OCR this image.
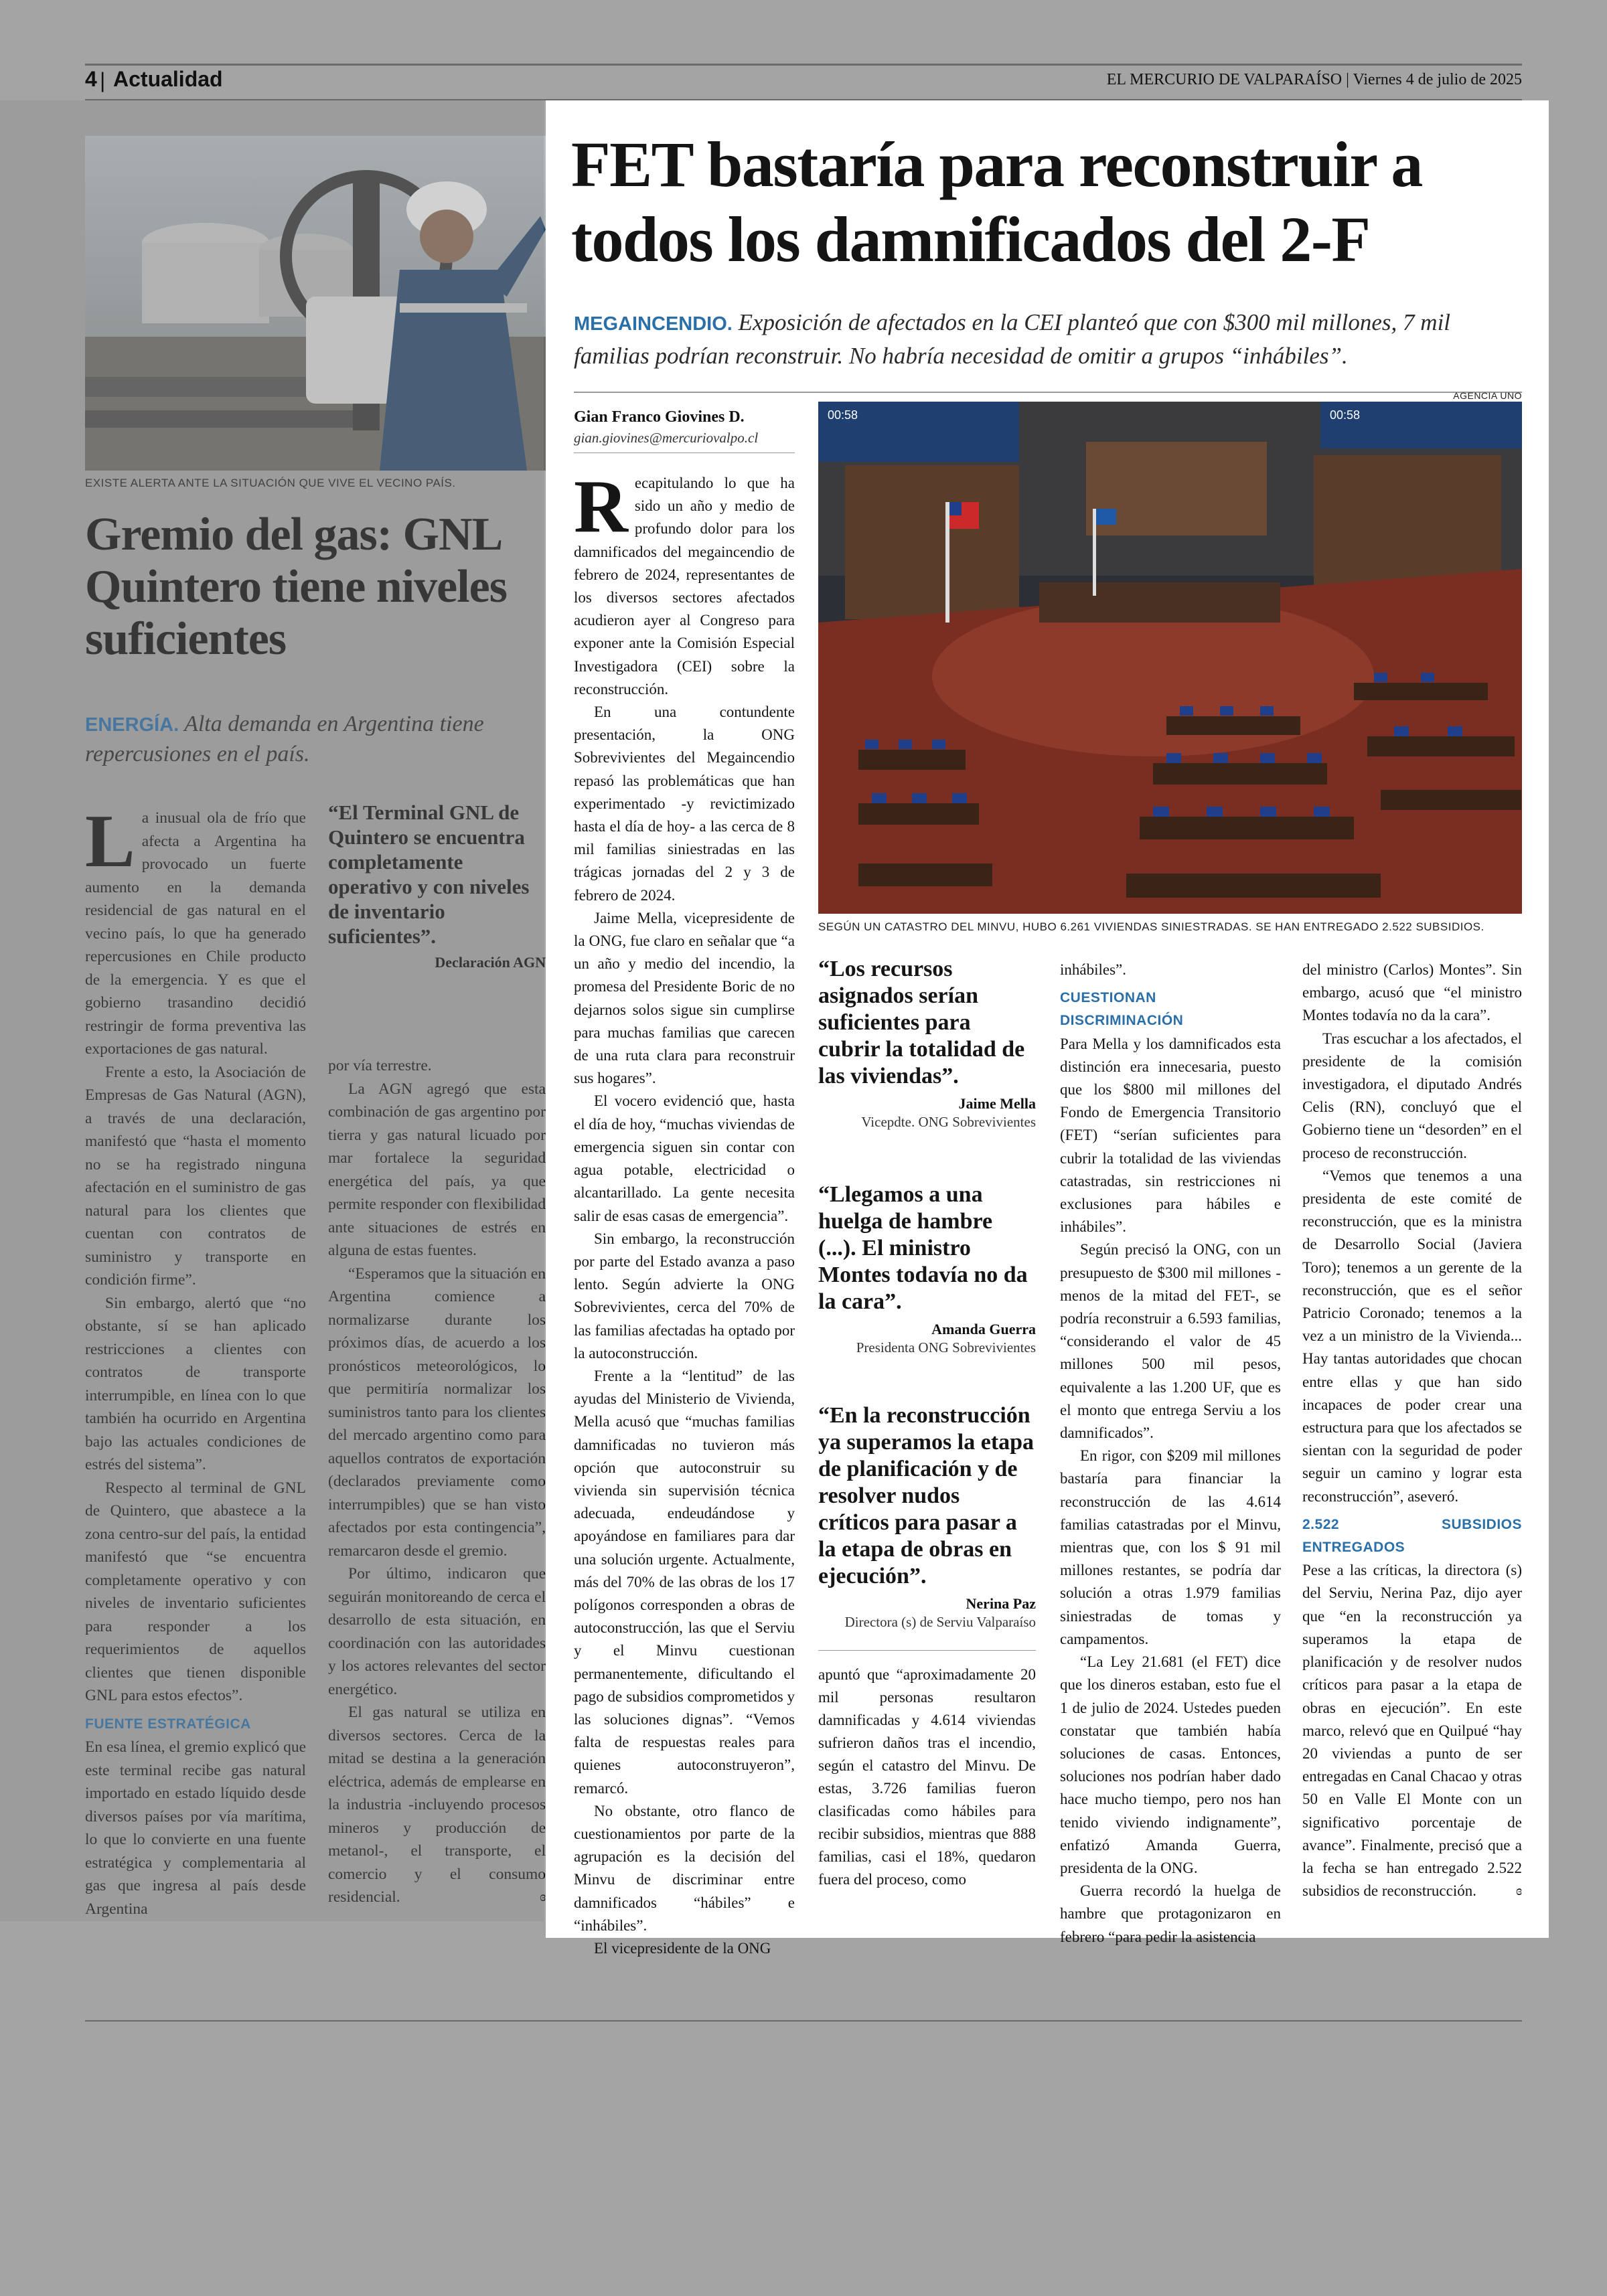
4 | Actualidad	EL MERCURIO DE VALPARAÍSO | Viernes 4 de julio de 2025
EXISTE ALERTA ANTE LA SITUACIÓN QUE VIVE EL VECINO PAÍS.
Gremio del gas: GNL Quintero tiene niveles suficientes
ENERGÍA. Alta demanda en Argentina tiene repercusiones en el país.

La inusual ola de frío que afecta a Argentina ha provocado un fuerte aumento en la demanda residencial de gas natural en el vecino país, lo que ha generado repercusiones en Chile producto de la emergencia. Y es que el gobierno trasandino decidió restringir de forma preventiva las exportaciones de gas natural.

Frente a esto, la Asociación de Empresas de Gas Natural (AGN), a través de una declaración, manifestó que “hasta el momento no se ha registrado ninguna afectación en el suministro de gas natural para los clientes que cuentan con contratos de suministro y transporte en condición firme”.

Sin embargo, alertó que “no obstante, sí se han aplicado restricciones a clientes con contratos de transporte interrumpible, en línea con lo que también ha ocurrido en Argentina bajo las actuales condiciones de estrés del sistema”.

Respecto al terminal de GNL de Quintero, que abastece a la zona centro-sur del país, la entidad manifestó que “se encuentra completamente operativo y con niveles de inventario suficientes para responder a los requerimientos de aquellos clientes que tienen disponible GNL para estos efectos”.

FUENTE ESTRATÉGICA

En esa línea, el gremio explicó que este terminal recibe gas natural importado en estado líquido desde diversos países por vía marítima, lo que lo convierte en una fuente estratégica y complementaria al gas que ingresa al país desde Argentina

“El Terminal GNL de Quintero se encuentra completamente operativo y con niveles de inventario suficientes”.
Declaración AGN

por vía terrestre.

La AGN agregó que esta combinación de gas argentino por tierra y gas natural licuado por mar fortalece la seguridad energética del país, ya que permite responder con flexibilidad ante situaciones de estrés en alguna de estas fuentes.

“Esperamos que la situación en Argentina comience a normalizarse durante los próximos días, de acuerdo a los pronósticos meteorológicos, lo que permitiría normalizar los suministros tanto para los clientes del mercado argentino como para aquellos contratos de exportación (declarados previamente como interrumpibles) que se han visto afectados por esta contingencia”, remarcaron desde el gremio.

Por último, indicaron que seguirán monitoreando de cerca el desarrollo de esta situación, en coordinación con las autoridades y los actores relevantes del sector energético.

El gas natural se utiliza en diversos sectores. Cerca de la mitad se destina a la generación eléctrica, además de emplearse en la industria -incluyendo procesos mineros y producción de metanol-, el transporte, el comercio y el consumo residencial.	ɞ

FET bastaría para reconstruir a todos los damnificados del 2-F
MEGAINCENDIO. Exposición de afectados en la CEI planteó que con $300 mil millones, 7 mil familias podrían reconstruir. No habría necesidad de omitir a grupos “inhábiles”.
Gian Franco Giovines D.
gian.giovines@mercuriovalpo.cl
AGENCIA UNO
00:58	00:58
SEGÚN UN CATASTRO DEL MINVU, HUBO 6.261 VIVIENDAS SINIESTRADAS. SE HAN ENTREGADO 2.522 SUBSIDIOS.

Recapitulando lo que ha sido un año y medio de profundo dolor para los damnificados del megaincendio de febrero de 2024, representantes de los diversos sectores afectados acudieron ayer al Congreso para exponer ante la Comisión Especial Investigadora (CEI) sobre la reconstrucción.

En una contundente presentación, la ONG Sobrevivientes del Megaincendio repasó las problemáticas que han experimentado -y revictimizado hasta el día de hoy- a las cerca de 8 mil familias siniestradas en las trágicas jornadas del 2 y 3 de febrero de 2024.

Jaime Mella, vicepresidente de la ONG, fue claro en señalar que “a un año y medio del incendio, la promesa del Presidente Boric de no dejarnos solos sigue sin cumplirse para muchas familias que carecen de una ruta clara para reconstruir sus hogares”.

El vocero evidenció que, hasta el día de hoy, “muchas viviendas de emergencia siguen sin contar con agua potable, electricidad o alcantarillado. La gente necesita salir de esas casas de emergencia”.

Sin embargo, la reconstrucción por parte del Estado avanza a paso lento. Según advierte la ONG Sobrevivientes, cerca del 70% de las familias afectadas ha optado por la autoconstrucción.

Frente a la “lentitud” de las ayudas del Ministerio de Vivienda, Mella acusó que “muchas familias damnificadas no tuvieron más opción que autoconstruir su vivienda sin supervisión técnica adecuada, endeudándose y apoyándose en familiares para dar una solución urgente. Actualmente, más del 70% de las obras de los 17 polígonos corresponden a obras de autoconstrucción, las que el Serviu y el Minvu cuestionan permanentemente, dificultando el pago de subsidios comprometidos y las soluciones dignas”. “Vemos falta de respuestas reales para quienes autoconstruyeron”, remarcó.

No obstante, otro flanco de cuestionamientos por parte de la agrupación es la decisión del Minvu de discriminar entre damnificados “hábiles” e “inhábiles”.

El vicepresidente de la ONG

“Los recursos asignados serían suficientes para cubrir la totalidad de las viviendas”.
Jaime Mella
Vicepdte. ONG Sobrevivientes
“Llegamos a una huelga de hambre (...). El ministro Montes todavía no da la cara”.
Amanda Guerra
Presidenta ONG Sobrevivientes
“En la reconstrucción ya superamos la etapa de planificación y de resolver nudos críticos para pasar a la etapa de obras en ejecución”.
Nerina Paz
Directora (s) de Serviu Valparaíso

apuntó que “aproximadamente 20 mil personas resultaron damnificadas y 4.614 viviendas sufrieron daños tras el incendio, según el catastro del Minvu. De estas, 3.726 familias fueron clasificadas como hábiles para recibir subsidios, mientras que 888 familias, casi el 18%, quedaron fuera del proceso, como

inhábiles”.

CUESTIONAN DISCRIMINACIÓN

Para Mella y los damnificados esta distinción era innecesaria, puesto que los $800 mil millones del Fondo de Emergencia Transitorio (FET) “serían suficientes para cubrir la totalidad de las viviendas catastradas, sin restricciones ni exclusiones para hábiles e inhábiles”.

Según precisó la ONG, con un presupuesto de $300 mil millones -menos de la mitad del FET-, se podría reconstruir a 6.593 familias, “considerando el valor de 45 millones 500 mil pesos, equivalente a las 1.200 UF, que es el monto que entrega Serviu a los damnificados”.

En rigor, con $209 mil millones bastaría para financiar la reconstrucción de las 4.614 familias catastradas por el Minvu, mientras que, con los $ 91 mil millones restantes, se podría dar solución a otras 1.979 familias siniestradas de tomas y campamentos.

“La Ley 21.681 (el FET) dice que los dineros estaban, esto fue el 1 de julio de 2024. Ustedes pueden constatar que también había soluciones de casas. Entonces, soluciones nos podrían haber dado hace mucho tiempo, pero nos han tenido viviendo indignamente”, enfatizó Amanda Guerra, presidenta de la ONG.

Guerra recordó la huelga de hambre que protagonizaron en febrero “para pedir la asistencia

del ministro (Carlos) Montes”. Sin embargo, acusó que “el ministro Montes todavía no da la cara”.

Tras escuchar a los afectados, el presidente de la comisión investigadora, el diputado Andrés Celis (RN), concluyó que el Gobierno tiene un “desorden” en el proceso de reconstrucción.

“Vemos que tenemos a una presidenta de este comité de reconstrucción, que es la ministra de Desarrollo Social (Javiera Toro); tenemos a un gerente de la reconstrucción, que es el señor Patricio Coronado; tenemos a la vez a un ministro de la Vivienda... Hay tantas autoridades que chocan entre ellas y que han sido incapaces de poder crear una estructura para que los afectados se sientan con la seguridad de poder seguir un camino y lograr esta reconstrucción”, aseveró.

2.522 SUBSIDIOS ENTREGADOS

Pese a las críticas, la directora (s) del Serviu, Nerina Paz, dijo ayer que “en la reconstrucción ya superamos la etapa de planificación y de resolver nudos críticos para pasar a la etapa de obras en ejecución”. En este marco, relevó que en Quilpué “hay 20 viviendas a punto de ser entregadas en Canal Chacao y otras 50 en Valle El Monte con un significativo porcentaje de avance”. Finalmente, precisó que a la fecha se han entregado 2.522 subsidios de reconstrucción.	ɞ
